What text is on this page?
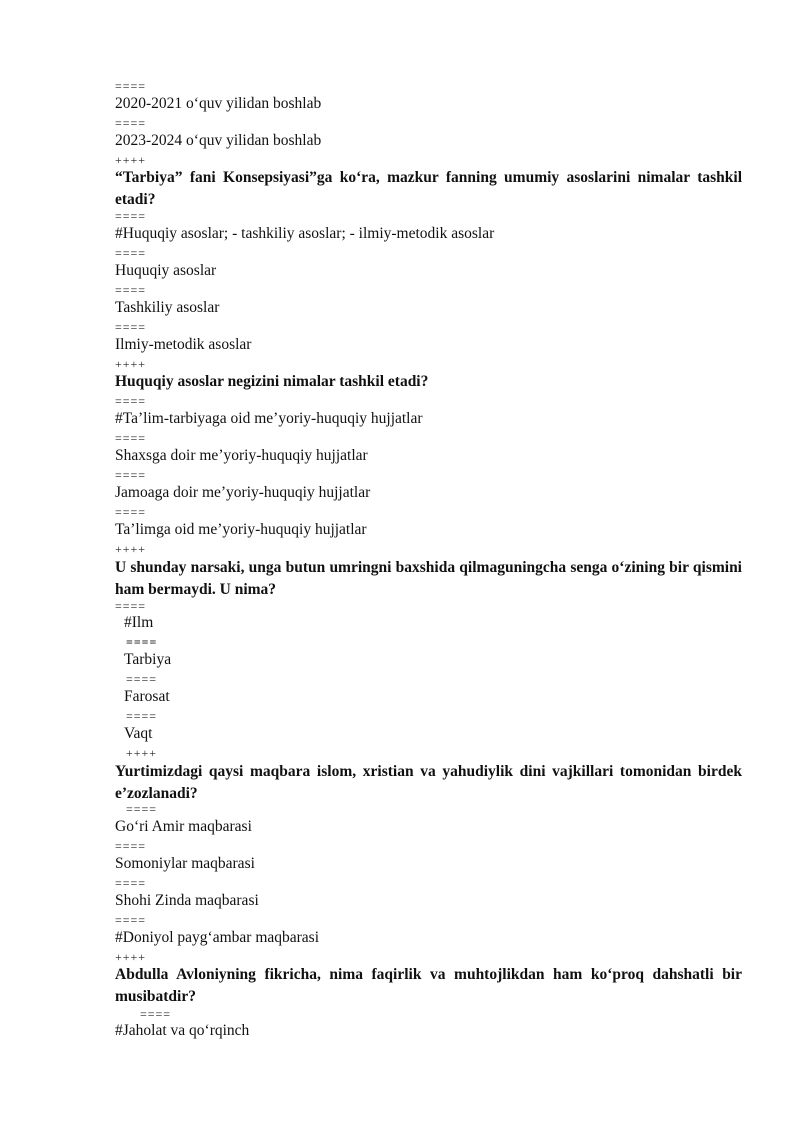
====
2020-2021 o‘quv yilidan boshlab
====
2023-2024 o‘quv yilidan boshlab
++++
“Tarbiya” fani Konsepsiyasi”ga ko‘ra, mazkur fanning umumiy asoslarini nimalar tashkil etadi?
====
#Huquqiy asoslar; - tashkiliy asoslar; - ilmiy-metodik asoslar
====
Huquqiy asoslar
====
Tashkiliy asoslar
====
Ilmiy-metodik asoslar
++++
Huquqiy asoslar negizini nimalar tashkil etadi?
====
#Ta’lim-tarbiyaga oid me’yoriy-huquqiy hujjatlar
====
Shaxsga doir me’yoriy-huquqiy hujjatlar
====
Jamoaga doir me’yoriy-huquqiy hujjatlar
====
Ta’limga oid me’yoriy-huquqiy hujjatlar
++++
U shunday narsaki, unga butun umringni baxshida qilmaguningcha senga o‘zining bir qismini ham bermaydi. U nima?
====
#Ilm
====
Tarbiya
====
Farosat
====
Vaqt
++++
Yurtimizdagi qaysi maqbara islom, xristian va yahudiylik dini vajkillari tomonidan birdek e’zozlanadi?
====
Go‘ri Amir maqbarasi
====
Somoniylar maqbarasi
====
Shohi Zinda maqbarasi
====
#Doniyol payg‘ambar maqbarasi
++++
Abdulla Avloniyning fikricha, nima faqirlik va muhtojlikdan ham ko‘proq dahshatli bir musibatdir?
====
#Jaholat va qo‘rqinch
